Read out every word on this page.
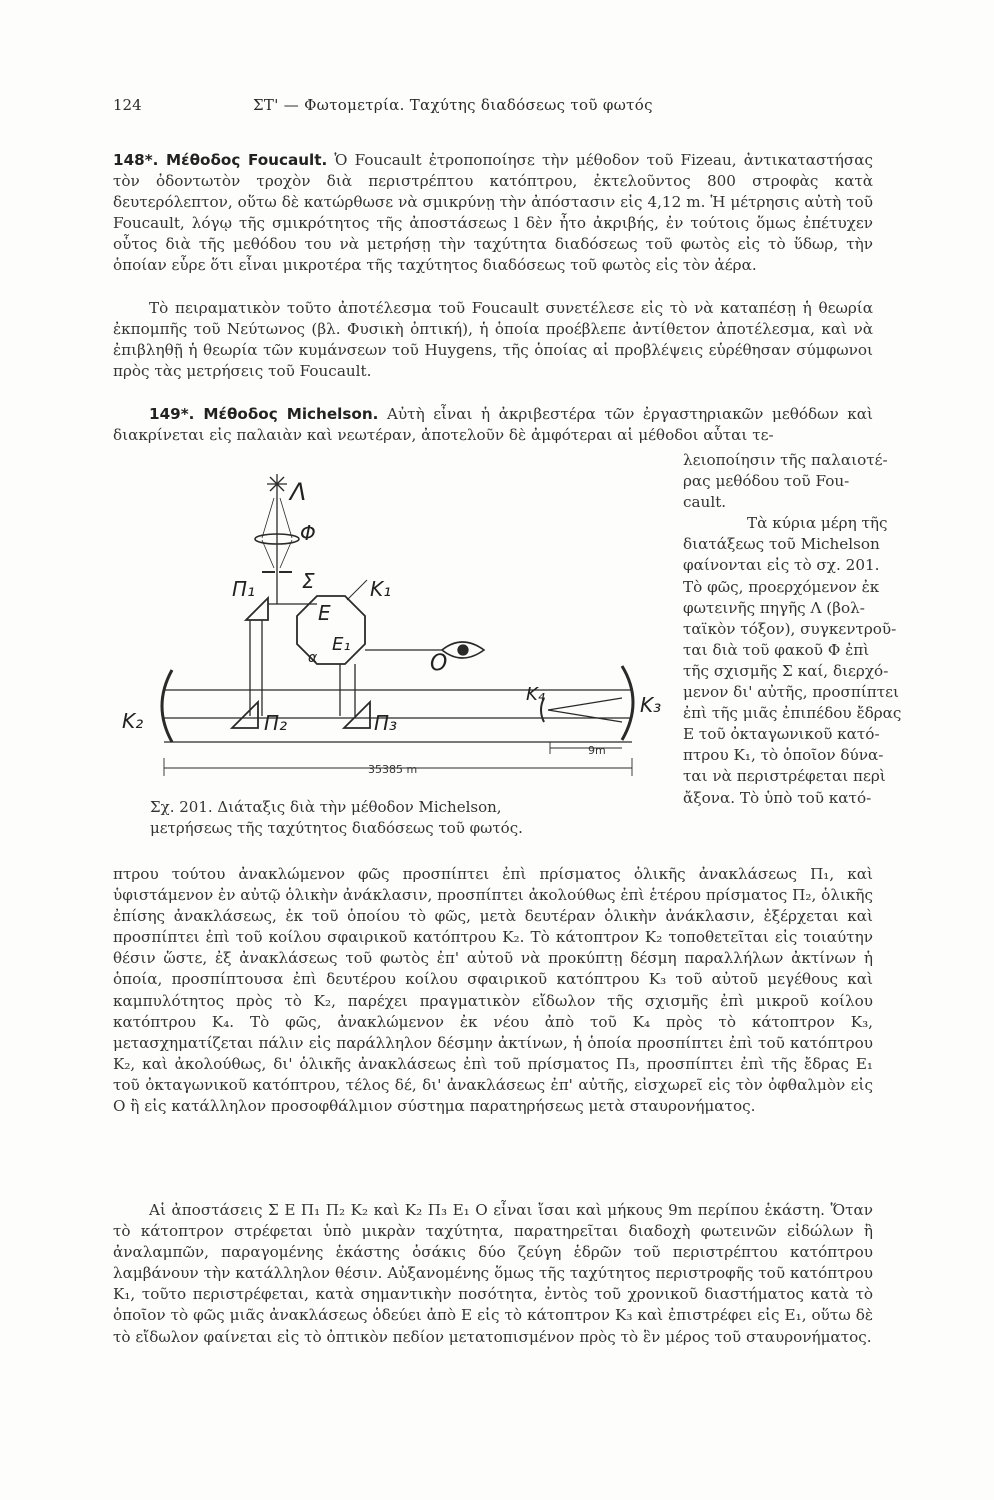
124	ΣΤ' — Φωτομετρία. Ταχύτης διαδόσεως τοῦ φωτός

148*. Μέθοδος Foucault. Ὁ Foucault ἐτροποποίησε τὴν μέθοδον τοῦ Fizeau, ἀντικαταστήσας τὸν ὀδοντωτὸν τροχὸν διὰ περιστρέπτου κατόπτρου, ἐκτελοῦντος 800 στροφὰς κατὰ δευτερόλεπτον, οὕτω δὲ κατώρθωσε νὰ σμικρύνῃ τὴν ἀπόστασιν εἰς 4,12 m. Ἡ μέτρησις αὐτὴ τοῦ Foucault, λόγῳ τῆς σμικρότητος τῆς ἀποστάσεως l δὲν ἦτο ἀκριβής, ἐν τούτοις ὅμως ἐπέτυχεν οὗτος διὰ τῆς μεθόδου του νὰ μετρήσῃ τὴν ταχύτητα διαδόσεως τοῦ φωτὸς εἰς τὸ ὕδωρ, τὴν ὁποίαν εὗρε ὅτι εἶναι μικροτέρα τῆς ταχύτητος διαδόσεως τοῦ φωτὸς εἰς τὸν ἀέρα.

Τὸ πειραματικὸν τοῦτο ἀποτέλεσμα τοῦ Foucault συνετέλεσε εἰς τὸ νὰ καταπέσῃ ἡ θεωρία ἐκπομπῆς τοῦ Νεύτωνος (βλ. Φυσικὴ ὀπτική), ἡ ὁποία προέβλεπε ἀντίθετον ἀποτέλεσμα, καὶ νὰ ἐπιβληθῇ ἡ θεωρία τῶν κυμάνσεων τοῦ Huygens, τῆς ὁποίας αἱ προβλέψεις εὑρέθησαν σύμφωνοι πρὸς τὰς μετρήσεις τοῦ Foucault.

149*. Μέθοδος Michelson. Αὐτὴ εἶναι ἡ ἀκριβεστέρα τῶν ἐργαστηριακῶν μεθόδων καὶ διακρίνεται εἰς παλαιὰν καὶ νεωτέραν, ἀποτελοῦν δὲ ἀμφότεραι αἱ μέθοδοι αὗται τε-

λειοποίησιν τῆς παλαιοτέ-
ρας μεθόδου τοῦ Fou-
cault.
Τὰ κύρια μέρη τῆς
διατάξεως τοῦ Michelson
φαίνονται εἰς τὸ σχ. 201.
Τὸ φῶς, προερχόμενον ἐκ
φωτεινῆς πηγῆς Λ (βολ-
ταϊκὸν τόξον), συγκεντροῦ-
ται διὰ τοῦ φακοῦ Φ ἐπὶ
τῆς σχισμῆς Σ καί, διερχό-
μενον δι' αὐτῆς, προσπίπτει
ἐπὶ τῆς μιᾶς ἐπιπέδου ἔδρας
Ε τοῦ ὀκταγωνικοῦ κατό-
πτρου Κ₁, τὸ ὁποῖον δύνα-
ται νὰ περιστρέφεται περὶ
ἄξονα. Τὸ ὑπὸ τοῦ κατό-
Λ
Φ
Σ	Κ₁
Ε
Ε₁
α	Ο
Π₁
Π₂	Π₃
Κ₂
Κ₃
Κ₄
9m
35385 m

Σχ. 201. Διάταξις διὰ τὴν μέθοδον Michelson,
μετρήσεως τῆς ταχύτητος διαδόσεως τοῦ φωτός.

πτρου τούτου ἀνακλώμενον φῶς προσπίπτει ἐπὶ πρίσματος ὁλικῆς ἀνακλάσεως Π₁, καὶ ὑφιστάμενον ἐν αὐτῷ ὁλικὴν ἀνάκλασιν, προσπίπτει ἀκολούθως ἐπὶ ἑτέρου πρίσματος Π₂, ὁλικῆς ἐπίσης ἀνακλάσεως, ἐκ τοῦ ὁποίου τὸ φῶς, μετὰ δευτέραν ὁλικὴν ἀνάκλασιν, ἐξέρχεται καὶ προσπίπτει ἐπὶ τοῦ κοίλου σφαιρικοῦ κατόπτρου Κ₂. Τὸ κάτοπτρον Κ₂ τοποθετεῖται εἰς τοιαύτην θέσιν ὥστε, ἐξ ἀνακλάσεως τοῦ φωτὸς ἐπ' αὐτοῦ νὰ προκύπτῃ δέσμη παραλλήλων ἀκτίνων ἡ ὁποία, προσπίπτουσα ἐπὶ δευτέρου κοίλου σφαιρικοῦ κατόπτρου Κ₃ τοῦ αὐτοῦ μεγέθους καὶ καμπυλότητος πρὸς τὸ Κ₂, παρέχει πραγματικὸν εἴδωλον τῆς σχισμῆς ἐπὶ μικροῦ κοίλου κατόπτρου Κ₄. Τὸ φῶς, ἀνακλώμενον ἐκ νέου ἀπὸ τοῦ Κ₄ πρὸς τὸ κάτοπτρον Κ₃, μετασχηματίζεται πάλιν εἰς παράλληλον δέσμην ἀκτίνων, ἡ ὁποία προσπίπτει ἐπὶ τοῦ κατόπτρου Κ₂, καὶ ἀκολούθως, δι' ὁλικῆς ἀνακλάσεως ἐπὶ τοῦ πρίσματος Π₃, προσπίπτει ἐπὶ τῆς ἔδρας Ε₁ τοῦ ὀκταγωνικοῦ κατόπτρου, τέλος δέ, δι' ἀνακλάσεως ἐπ' αὐτῆς, εἰσχωρεῖ εἰς τὸν ὀφθαλμὸν εἰς Ο ἢ εἰς κατάλληλον προσοφθάλμιον σύστημα παρατηρήσεως μετὰ σταυρονήματος.

Αἱ ἀποστάσεις Σ Ε Π₁ Π₂ Κ₂ καὶ Κ₂ Π₃ Ε₁ Ο εἶναι ἴσαι καὶ μήκους 9m περίπου ἑκάστη. Ὅταν τὸ κάτοπτρον στρέφεται ὑπὸ μικρὰν ταχύτητα, παρατηρεῖται διαδοχὴ φωτεινῶν εἰδώλων ἢ ἀναλαμπῶν, παραγομένης ἑκάστης ὁσάκις δύο ζεύγη ἑδρῶν τοῦ περιστρέπτου κατόπτρου λαμβάνουν τὴν κατάλληλον θέσιν. Αὐξανομένης ὅμως τῆς ταχύτητος περιστροφῆς τοῦ κατόπτρου Κ₁, τοῦτο περιστρέφεται, κατὰ σημαντικὴν ποσότητα, ἐντὸς τοῦ χρονικοῦ διαστήματος κατὰ τὸ ὁποῖον τὸ φῶς μιᾶς ἀνακλάσεως ὁδεύει ἀπὸ Ε εἰς τὸ κάτοπτρον Κ₃ καὶ ἐπιστρέφει εἰς Ε₁, οὕτω δὲ τὸ εἴδωλον φαίνεται εἰς τὸ ὀπτικὸν πεδίον μετατοπισμένον πρὸς τὸ ἓν μέρος τοῦ σταυρονήματος.
